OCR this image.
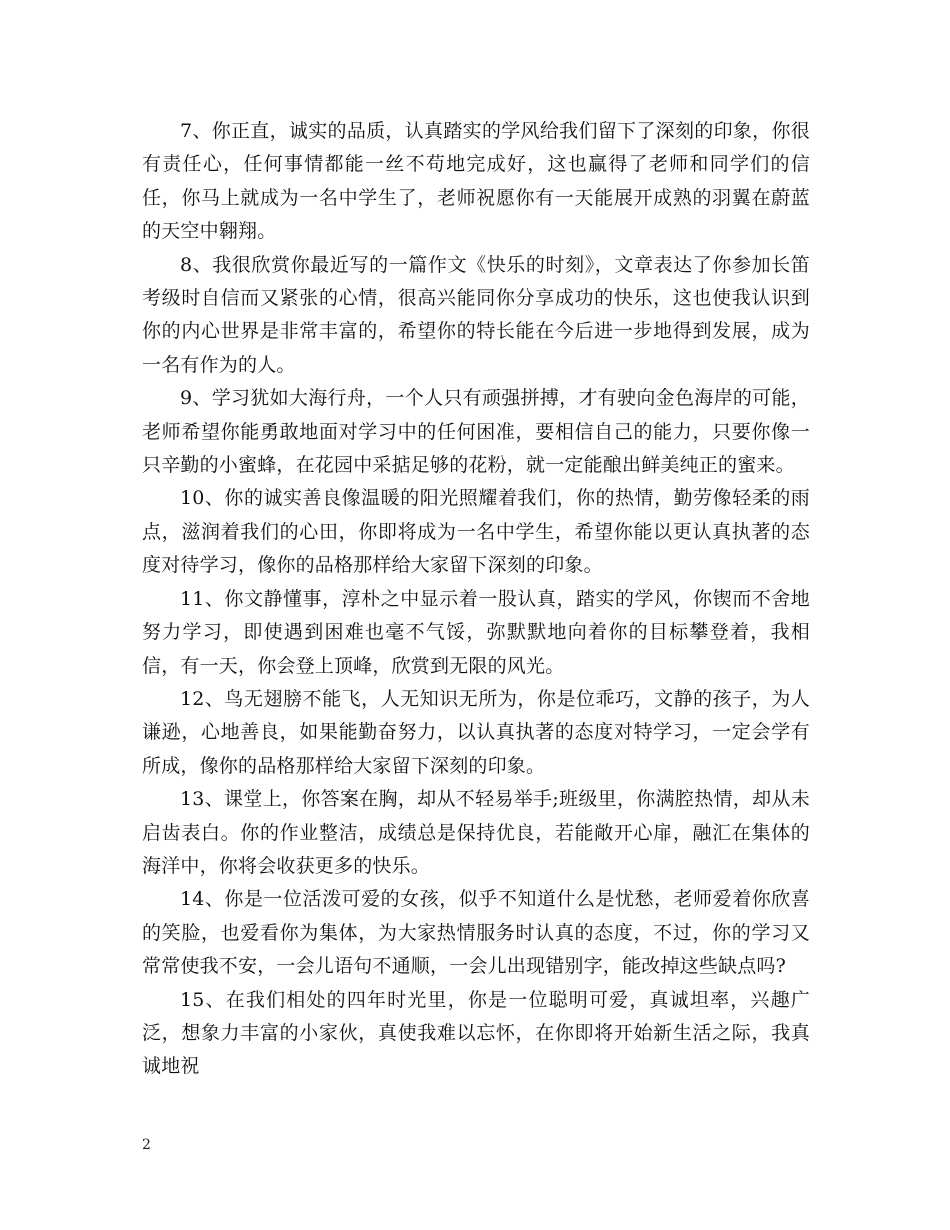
7、你正直，诚实的品质，认真踏实的学风给我们留下了深刻的印象，你很有责任心，任何事情都能一丝不苟地完成好，这也赢得了老师和同学们的信任，你马上就成为一名中学生了，老师祝愿你有一天能展开成熟的羽翼在蔚蓝的天空中翱翔。

8、我很欣赏你最近写的一篇作文《快乐的时刻》，文章表达了你参加长笛考级时自信而又紧张的心情，很高兴能同你分享成功的快乐，这也使我认识到你的内心世界是非常丰富的，希望你的特长能在今后进一步地得到发展，成为一名有作为的人。

9、学习犹如大海行舟，一个人只有顽强拼搏，才有驶向金色海岸的可能，老师希望你能勇敢地面对学习中的任何困准，要相信自己的能力，只要你像一只辛勤的小蜜蜂，在花园中采掂足够的花粉，就一定能酿出鲜美纯正的蜜来。

10、你的诚实善良像温暖的阳光照耀着我们，你的热情，勤劳像轻柔的雨点，滋润着我们的心田，你即将成为一名中学生，希望你能以更认真执著的态度对待学习，像你的品格那样给大家留下深刻的印象。

11、你文静懂事，淳朴之中显示着一股认真，踏实的学风，你锲而不舍地努力学习，即使遇到困难也毫不气馁，弥默默地向着你的目标攀登着，我相信，有一天，你会登上顶峰，欣赏到无限的风光。

12、鸟无翅膀不能飞，人无知识无所为，你是位乖巧，文静的孩子，为人谦逊，心地善良，如果能勤奋努力，以认真执著的态度对特学习，一定会学有所成，像你的品格那样给大家留下深刻的印象。

13、课堂上，你答案在胸，却从不轻易举手;班级里，你满腔热情，却从未启齿表白。你的作业整洁，成绩总是保持优良，若能敞开心扉，融汇在集体的海洋中，你将会收获更多的快乐。

14、你是一位活泼可爱的女孩，似乎不知道什么是忧愁，老师爱着你欣喜的笑脸，也爱看你为集体，为大家热情服务时认真的态度，不过，你的学习又常常使我不安，一会儿语句不通顺，一会儿出现错别字，能改掉这些缺点吗?

15、在我们相处的四年时光里，你是一位聪明可爱，真诚坦率，兴趣广泛，想象力丰富的小家伙，真使我难以忘怀，在你即将开始新生活之际，我真诚地祝

2
